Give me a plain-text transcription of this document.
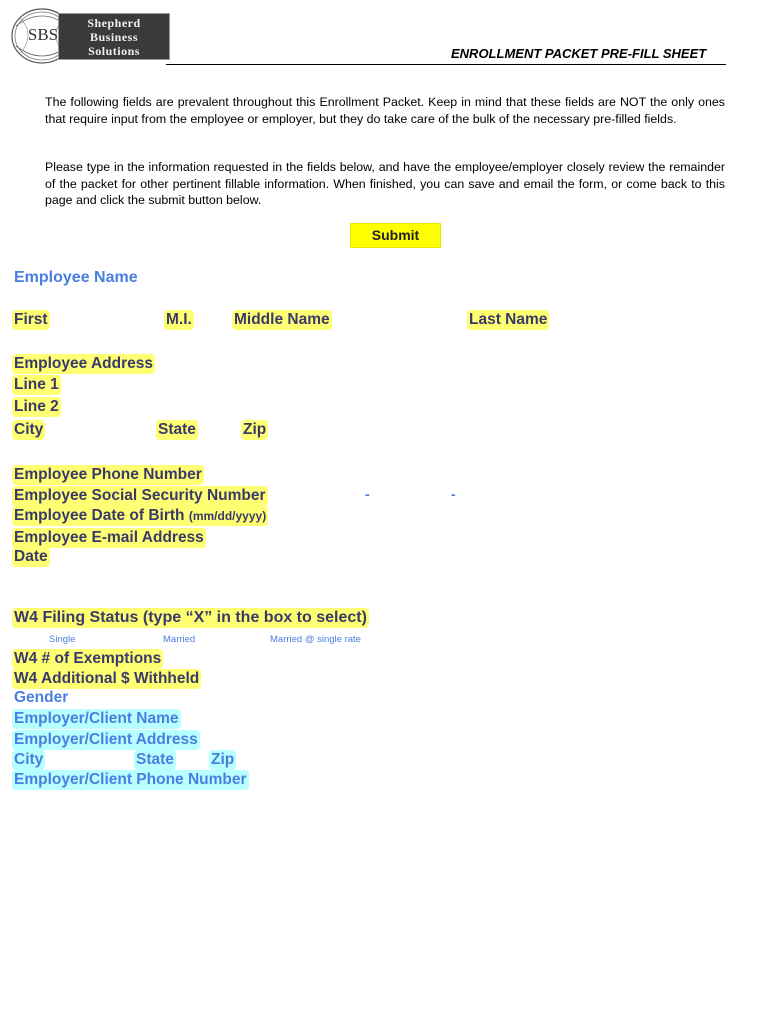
SBS
Shepherd
Business
Solutions	ENROLLMENT PACKET PRE-FILL SHEET
The following fields are prevalent throughout this Enrollment Packet. Keep in mind that these fields are NOT the only ones that require input from the employee or employer, but they do take care of the bulk of the necessary pre-filled fields.
Please type in the information requested in the fields below, and have the employee/employer closely review the remainder of the packet for other pertinent fillable information. When finished, you can save and email the form, or come back to this page and click the submit button below.
Submit
Employee Name
First	M.I.	Middle Name	Last Name
Employee Address
Line 1
Line 2
City	State	Zip
Employee Phone Number
Employee Social Security Number	-	-
Employee Date of Birth (mm/dd/yyyy)
Employee E-mail Address
Date
W4 Filing Status (type “X” in the box to select)
Single	Married	Married @ single rate
W4 # of Exemptions
W4 Additional $ Withheld
Gender
Employer/Client Name
Employer/Client Address
City	State Zip
Employer/Client Phone Number
